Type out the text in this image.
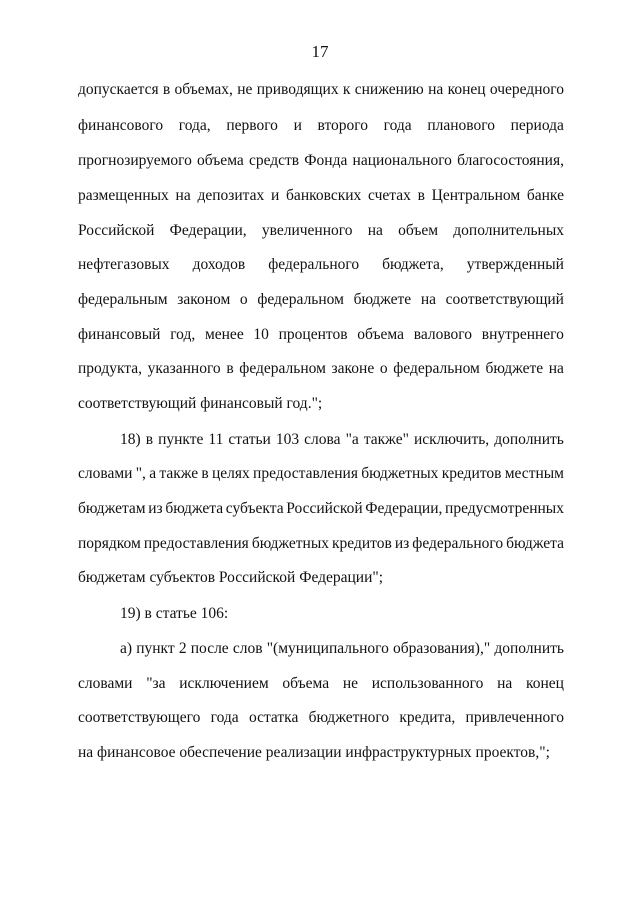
17
допускается в объемах, не приводящих к снижению на конец очередного
финансового года, первого и второго года планового периода
прогнозируемого объема средств Фонда национального благосостояния,
размещенных на депозитах и банковских счетах в Центральном банке
Российской Федерации, увеличенного на объем дополнительных
нефтегазовых доходов федерального бюджета, утвержденный
федеральным законом о федеральном бюджете на соответствующий
финансовый год, менее 10 процентов объема валового внутреннего
продукта, указанного в федеральном законе о федеральном бюджете на
соответствующий финансовый год.";
18) в пункте 11 статьи 103 слова "а также" исключить, дополнить
словами ", а также в целях предоставления бюджетных кредитов местным
бюджетам из бюджета субъекта Российской Федерации, предусмотренных
порядком предоставления бюджетных кредитов из федерального бюджета
бюджетам субъектов Российской Федерации";
19) в статье 106:
а) пункт 2 после слов "(муниципального образования)," дополнить
словами "за исключением объема не использованного на конец
соответствующего года остатка бюджетного кредита, привлеченного
на финансовое обеспечение реализации инфраструктурных проектов,";
